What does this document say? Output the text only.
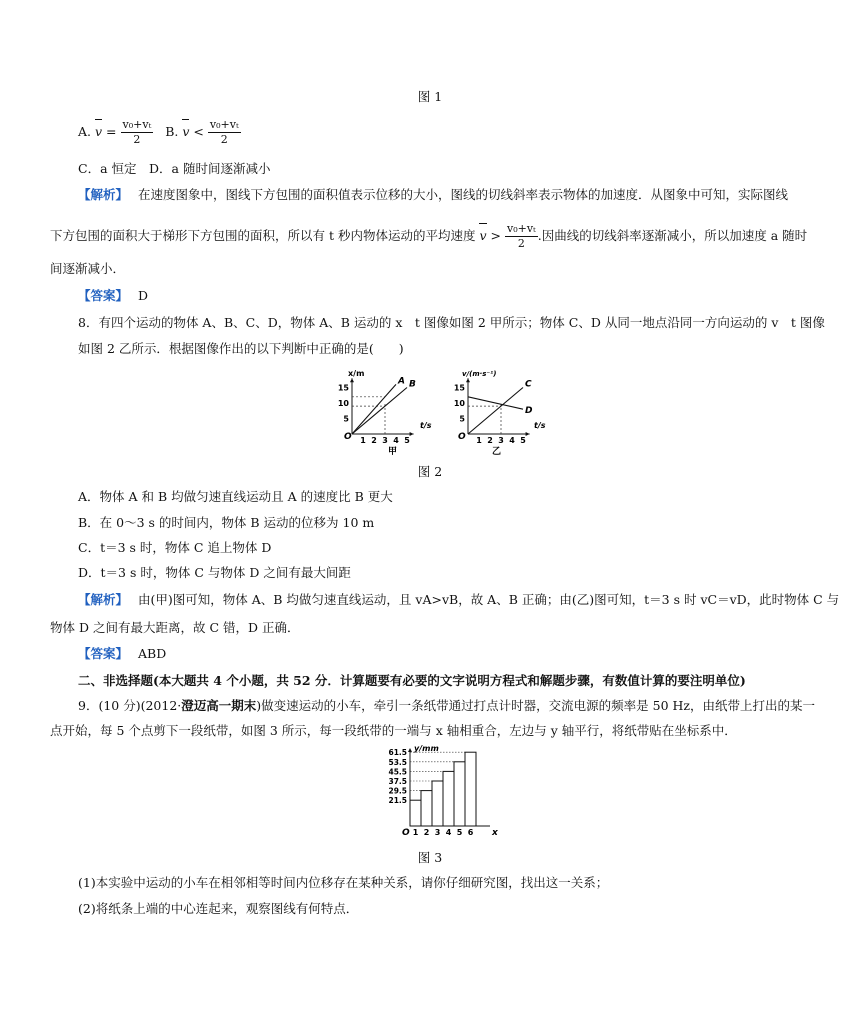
图 1
A. $v = \frac{\text{v₀+vₜ}}{2} B$. $v < \frac{\text{v₀+vₜ}}{2}$
C．a 恒定　D．a 随时间逐渐减小
【解析】 在速度图象中，图线下方包围的面积值表示位移的大小，图线的切线斜率表示物体的加速度．从图象中可知，实际图线
下方包围的面积大于梯形下方包围的面积，所以有 t 秒内物体运动的平均速度 $v > \frac{\text{v₀+vₜ}}{2}$ .因曲线的切线斜率逐渐减小，所以加速度 a 随时
间逐渐减小．
【答案】 D
8．有四个运动的物体 A、B、C、D，物体 A、B 运动的 x　t 图像如图 2 甲所示；物体 C、D 从同一地点沿同一方向运动的 v　t 图像
如图 2 乙所示．根据图像作出的以下判断中正确的是(　　)
5
10
15
1 2 3 4 5
A B
x/m
t/s
O
甲
5
10
15
1 2 3 4 5
C
D
v/(m·s⁻¹)
t/s
O
乙
图 2
A．物体 A 和 B 均做匀速直线运动且 A 的速度比 B 更大
B．在 0～3 s 的时间内，物体 B 运动的位移为 10 m
C．t＝3 s 时，物体 C 追上物体 D
D．t＝3 s 时，物体 C 与物体 D 之间有最大间距
【解析】 由(甲)图可知，物体 A、B 均做匀速直线运动，且 vA>vB，故 A、B 正确；由(乙)图可知，t＝3 s 时 vC＝vD，此时物体 C 与
物体 D 之间有最大距离，故 C 错，D 正确．
【答案】 ABD
二、非选择题(本大题共 4 个小题，共 52 分．计算题要有必要的文字说明方程式和解题步骤，有数值计算的要注明单位)
9．(10 分)(2012·澄迈高一期末)做变速运动的小车，牵引一条纸带通过打点计时器，交流电源的频率是 50 Hz，由纸带上打出的某一
点开始，每 5 个点剪下一段纸带，如图 3 所示，每一段纸带的一端与 x 轴相重合，左边与 y 轴平行，将纸带贴在坐标系中．
1 2 3 4 5 6
21.5
29.5
37.5
45.5
53.5
61.5 y/mm
x
O
图 3
(1)本实验中运动的小车在相邻相等时间内位移存在某种关系，请你仔细研究图，找出这一关系；
(2)将纸条上端的中心连起来，观察图线有何特点．
